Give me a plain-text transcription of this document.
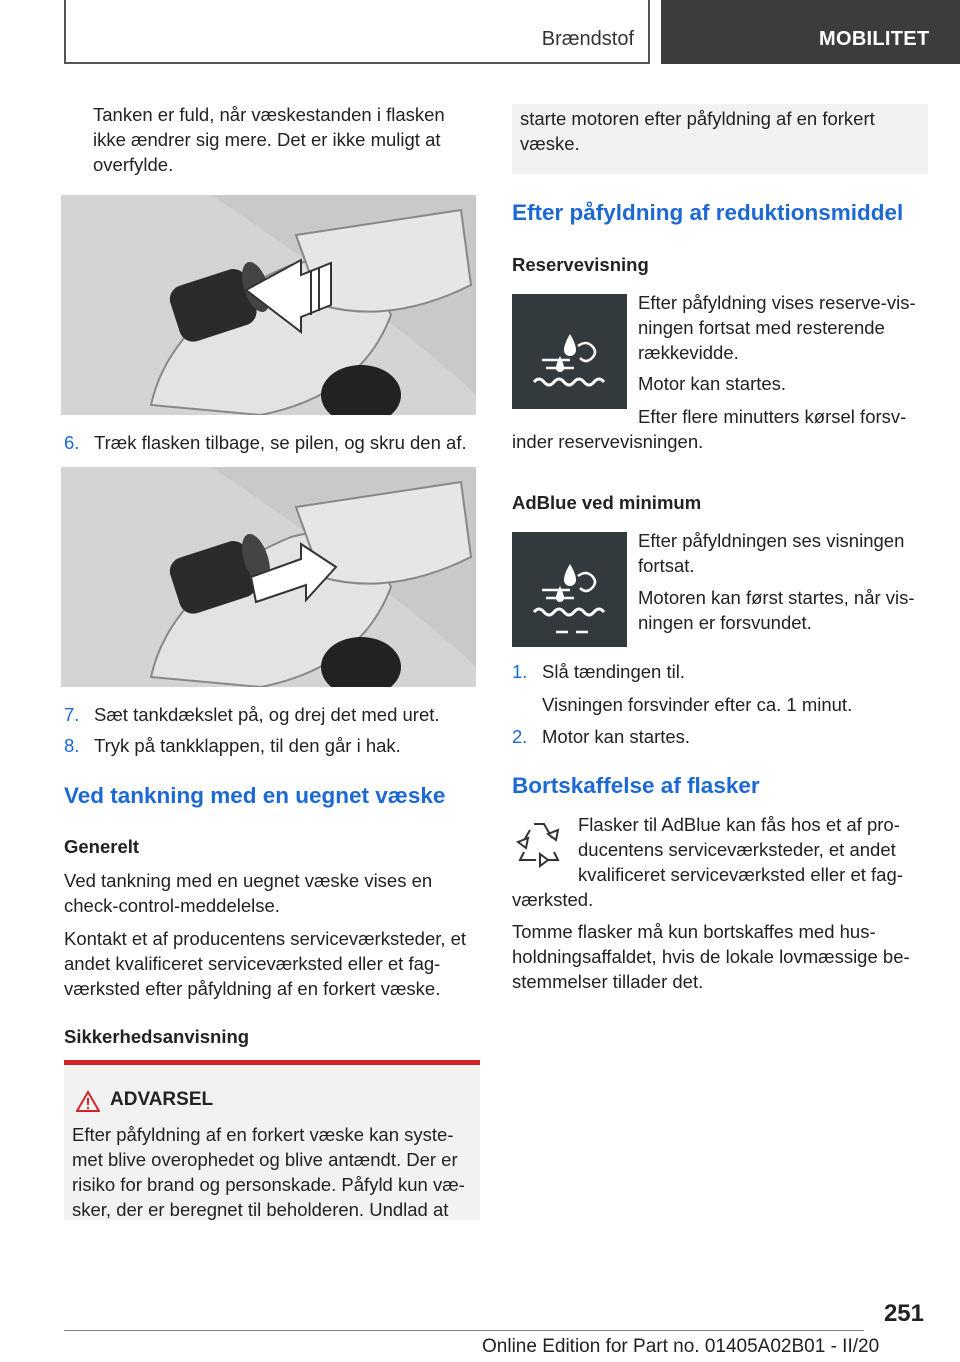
Brændstof	MOBILITET
Tanken er fuld, når væskestanden i flasken ikke ændrer sig mere. Det er ikke muligt at overfylde.
6. Træk flasken tilbage, se pilen, og skru den af.
7. Sæt tankdækslet på, og drej det med uret.
8. Tryk på tankklappen, til den går i hak.
Ved tankning med en uegnet væske
Generelt
Ved tankning med en uegnet væske vises en check-control-meddelelse.
Kontakt et af producentens serviceværksteder, et andet kvalificeret serviceværksted eller et fag-værksted efter påfyldning af en forkert væske.
Sikkerhedsanvisning
ADVARSEL
Efter påfyldning af en forkert væske kan syste-met blive overophedet og blive antændt. Der er risiko for brand og personskade. Påfyld kun væ-sker, der er beregnet til beholderen. Undlad at
starte motoren efter påfyldning af en forkert væske.
Efter påfyldning af reduktionsmiddel
Reservevisning
Efter påfyldning vises reserve-vis-ningen fortsat med resterende rækkevidde.
Motor kan startes.
Efter flere minutters kørsel forsv-
inder reservevisningen.
AdBlue ved minimum
Efter påfyldningen ses visningen fortsat.
Motoren kan først startes, når vis-ningen er forsvundet.
1. Slå tændingen til.
Visningen forsvinder efter ca. 1 minut.
2. Motor kan startes.
Bortskaffelse af flasker
Flasker til AdBlue kan fås hos et af pro-ducentens serviceværksteder, et andet kvalificeret serviceværksted eller et fag-
værksted.
Tomme flasker må kun bortskaffes med hus-holdningsaffaldet, hvis de lokale lovmæssige be-stemmelser tillader det.
251
Online Edition for Part no. 01405A02B01 - II/20
